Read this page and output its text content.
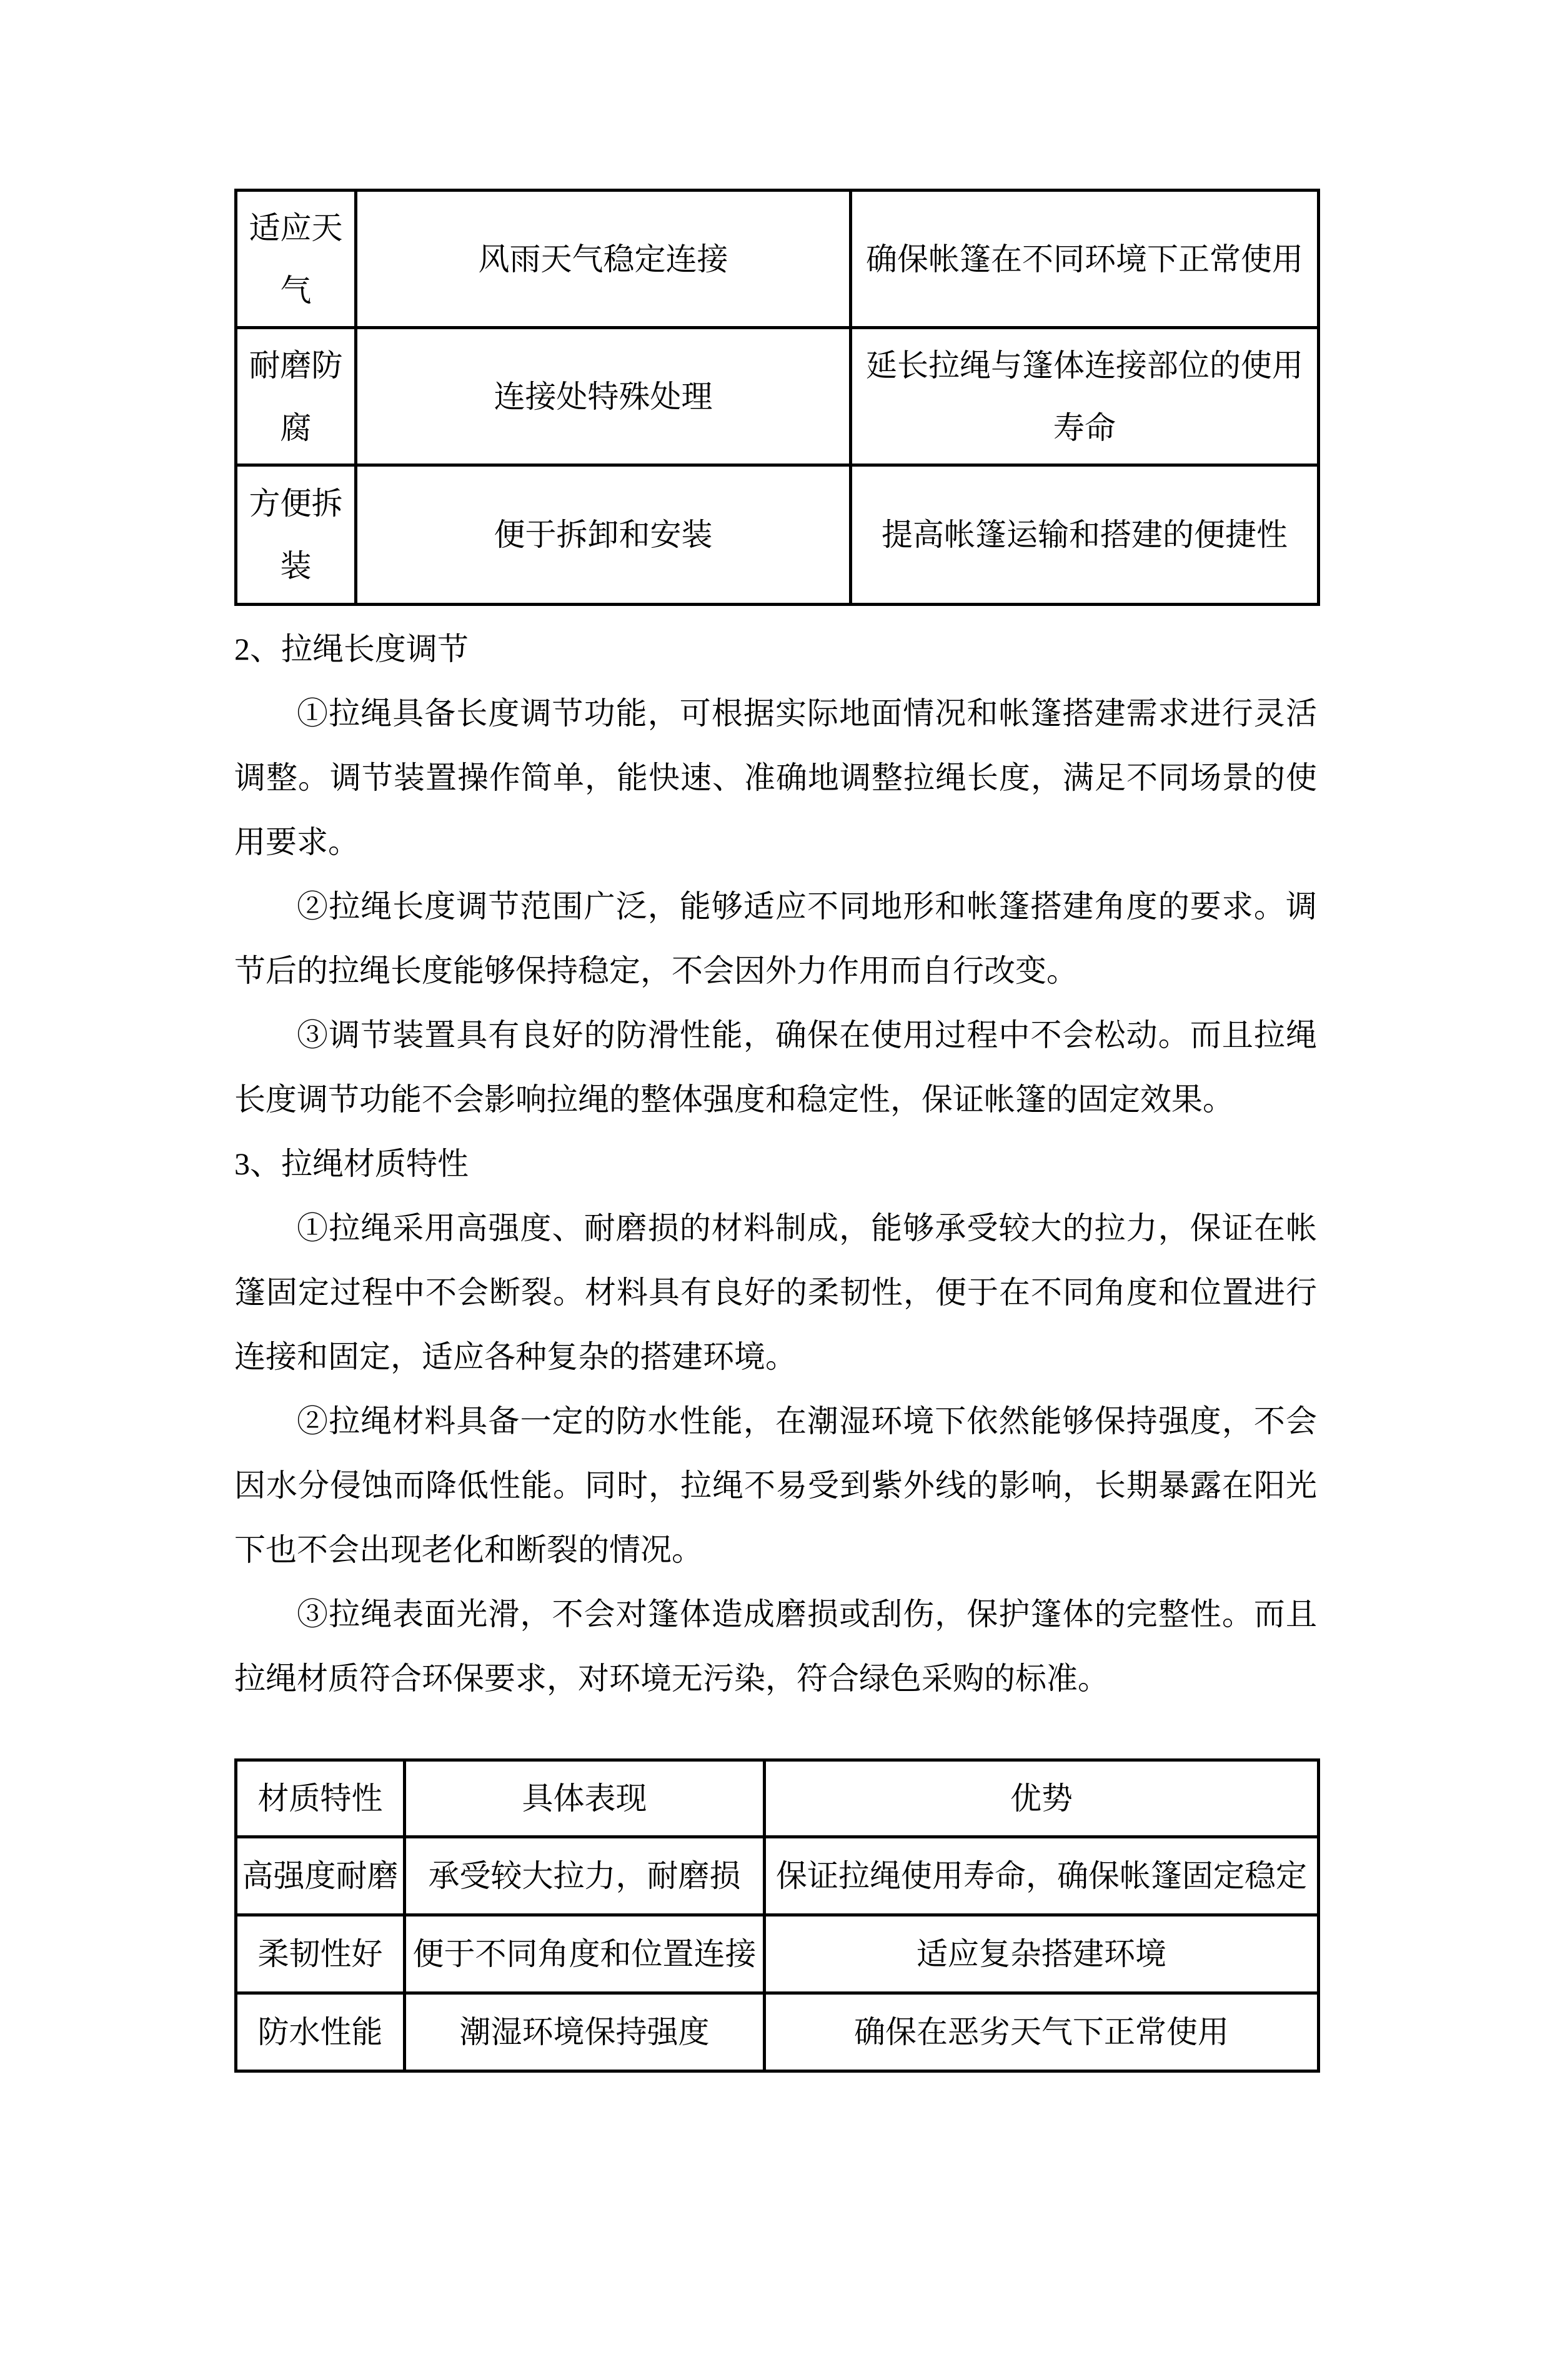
适应天气	风雨天气稳定连接	确保帐篷在不同环境下正常使用
耐磨防腐	连接处特殊处理	延长拉绳与篷体连接部位的使用寿命
方便拆装	便于拆卸和安装	提高帐篷运输和搭建的便捷性

2、拉绳长度调节

①拉绳具备长度调节功能，可根据实际地面情况和帐篷搭建需求进行灵活调整。调节装置操作简单，能快速、准确地调整拉绳长度，满足不同场景的使用要求。

②拉绳长度调节范围广泛，能够适应不同地形和帐篷搭建角度的要求。调节后的拉绳长度能够保持稳定，不会因外力作用而自行改变。

③调节装置具有良好的防滑性能，确保在使用过程中不会松动。而且拉绳长度调节功能不会影响拉绳的整体强度和稳定性，保证帐篷的固定效果。

3、拉绳材质特性

①拉绳采用高强度、耐磨损的材料制成，能够承受较大的拉力，保证在帐篷固定过程中不会断裂。材料具有良好的柔韧性，便于在不同角度和位置进行连接和固定，适应各种复杂的搭建环境。

②拉绳材料具备一定的防水性能，在潮湿环境下依然能够保持强度，不会因水分侵蚀而降低性能。同时，拉绳不易受到紫外线的影响，长期暴露在阳光下也不会出现老化和断裂的情况。

③拉绳表面光滑，不会对篷体造成磨损或刮伤，保护篷体的完整性。而且拉绳材质符合环保要求，对环境无污染，符合绿色采购的标准。

材质特性	具体表现	优势
高强度耐磨	承受较大拉力，耐磨损	保证拉绳使用寿命，确保帐篷固定稳定
柔韧性好	便于不同角度和位置连接	适应复杂搭建环境
防水性能	潮湿环境保持强度	确保在恶劣天气下正常使用
